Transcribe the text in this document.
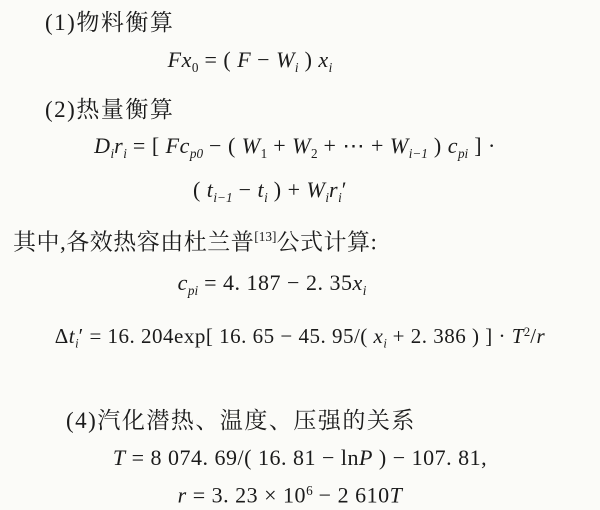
(1)物料衡算
$Fx_0$ = ( $F - W_i$ ) $x_i$
(2)热量衡算
$D_ir_i$ = [ $Fc_{p0}$ − ( $W_1 + W_2$ + ⋯ + $W_{i-1}$ ) $c_{pi}$ ] ·
( $t_{i-1} - t_i$ ) + $W_ir_i'$

其中,各效热容由杜兰普[13]公式计算:

$c_{pi} = 4$. 187 − 2. $35x_i$
$\Delta t_i' = 16$. 204exp[ 16. 65 − 45. 95/( $x_i + 2$. 386 ) ] · $T^2/r$
(4)汽化潜热、温度、压强的关系
T = 8 074. 69/( 16. 81 − lnP ) − 107. 81,
r = 3. $23 \times 10^6 - 2$ 610T
